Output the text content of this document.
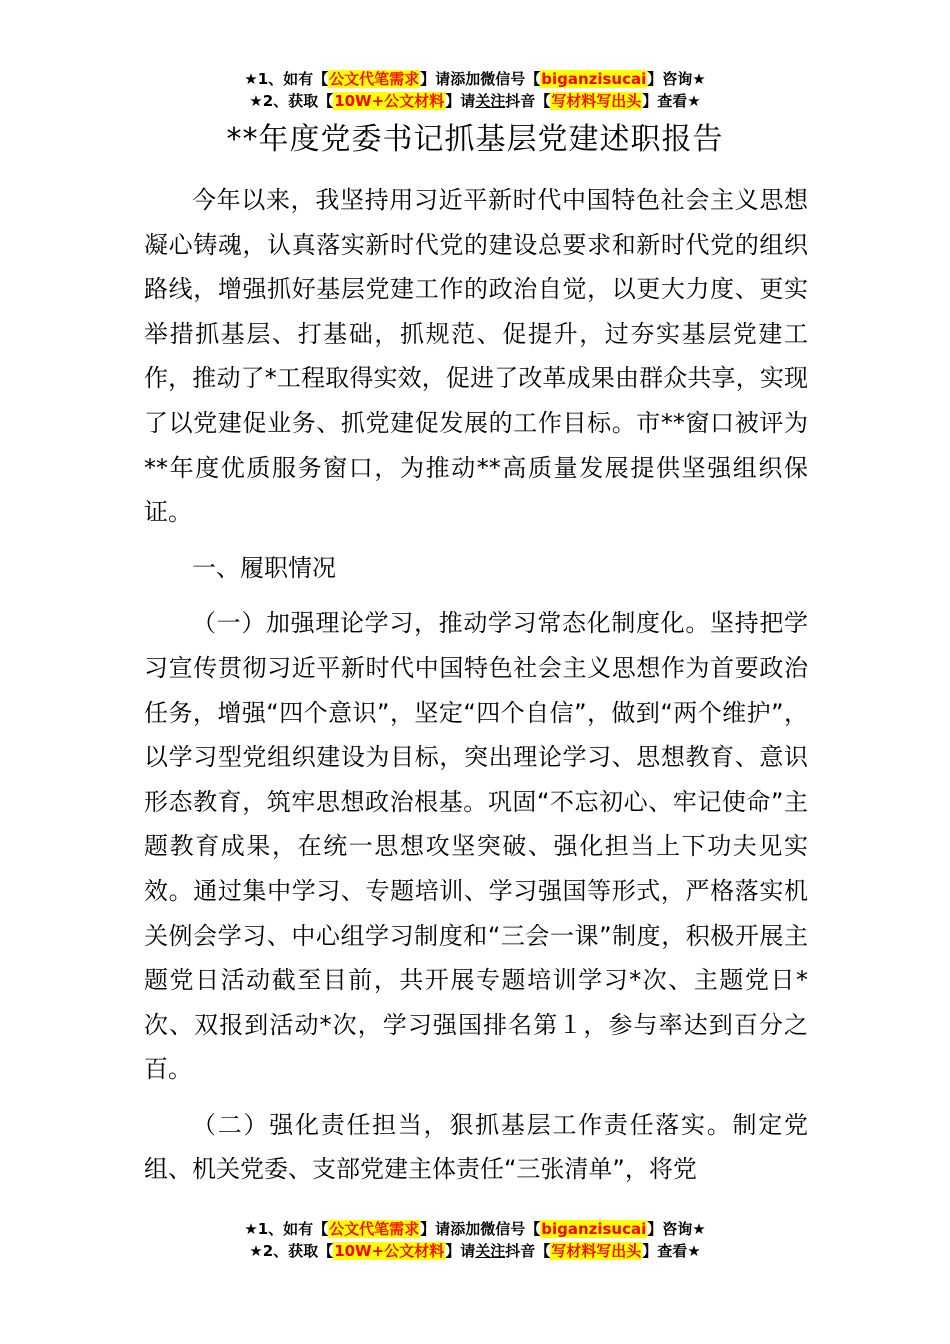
★1、如有【公文代笔需求】请添加微信号【biganzisucai】咨询★
★2、获取【10W+公文材料】请关注抖音【写材料写出头】查看★
**年度党委书记抓基层党建述职报告

今年以来，我坚持用习近平新时代中国特色社会主义思想凝心铸魂，认真落实新时代党的建设总要求和新时代党的组织路线，增强抓好基层党建工作的政治自觉，以更大力度、更实举措抓基层、打基础，抓规范、促提升，过夯实基层党建工作，推动了*工程取得实效，促进了改革成果由群众共享，实现了以党建促业务、抓党建促发展的工作目标。市**窗口被评为**年度优质服务窗口，为推动**高质量发展提供坚强组织保证。

一、履职情况

（一）加强理论学习，推动学习常态化制度化。坚持把学习宣传贯彻习近平新时代中国特色社会主义思想作为首要政治任务，增强“四个意识”，坚定“四个自信”，做到“两个维护”，以学习型党组织建设为目标，突出理论学习、思想教育、意识形态教育，筑牢思想政治根基。巩固“不忘初心、牢记使命”主题教育成果，在统一思想攻坚突破、强化担当上下功夫见实效。通过集中学习、专题培训、学习强国等形式，严格落实机关例会学习、中心组学习制度和“三会一课”制度，积极开展主题党日活动截至目前，共开展专题培训学习*次、主题党日*次、双报到活动*次，学习强国排名第１，参与率达到百分之百。

（二）强化责任担当，狠抓基层工作责任落实。制定党组、机关党委、支部党建主体责任“三张清单”，将党

★1、如有【公文代笔需求】请添加微信号【biganzisucai】咨询★
★2、获取【10W+公文材料】请关注抖音【写材料写出头】查看★
